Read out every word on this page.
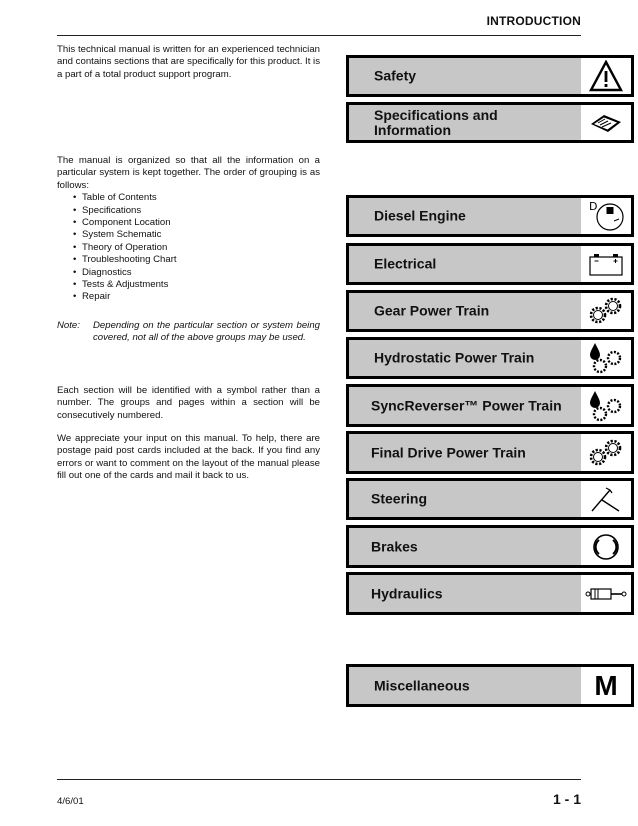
INTRODUCTION

This technical manual is written for an experienced technician and contains sections that are specifically for this product. It is a part of a total product support program.

The manual is organized so that all the information on a particular system is kept together. The order of grouping is as follows:

• Table of Contents
• Specifications
• Component Location
• System Schematic
• Theory of Operation
• Troubleshooting Chart
• Diagnostics
• Tests & Adjustments
• Repair
Note: Depending on the particular section or system being covered, not all of the above groups may be used.

Each section will be identified with a symbol rather than a number. The groups and pages within a section will be consecutively numbered.

We appreciate your input on this manual. To help, there are postage paid post cards included at the back. If you find any errors or want to comment on the layout of the manual please fill out one of the cards and mail it back to us.

Safety
Specifications and Information
Diesel Engine
D
Electrical
Gear Power Train
Hydrostatic Power Train
SyncReverser™ Power Train
Final Drive Power Train
Steering
Brakes
Hydraulics
Miscellaneous	M
4/6/01	1 - 1
